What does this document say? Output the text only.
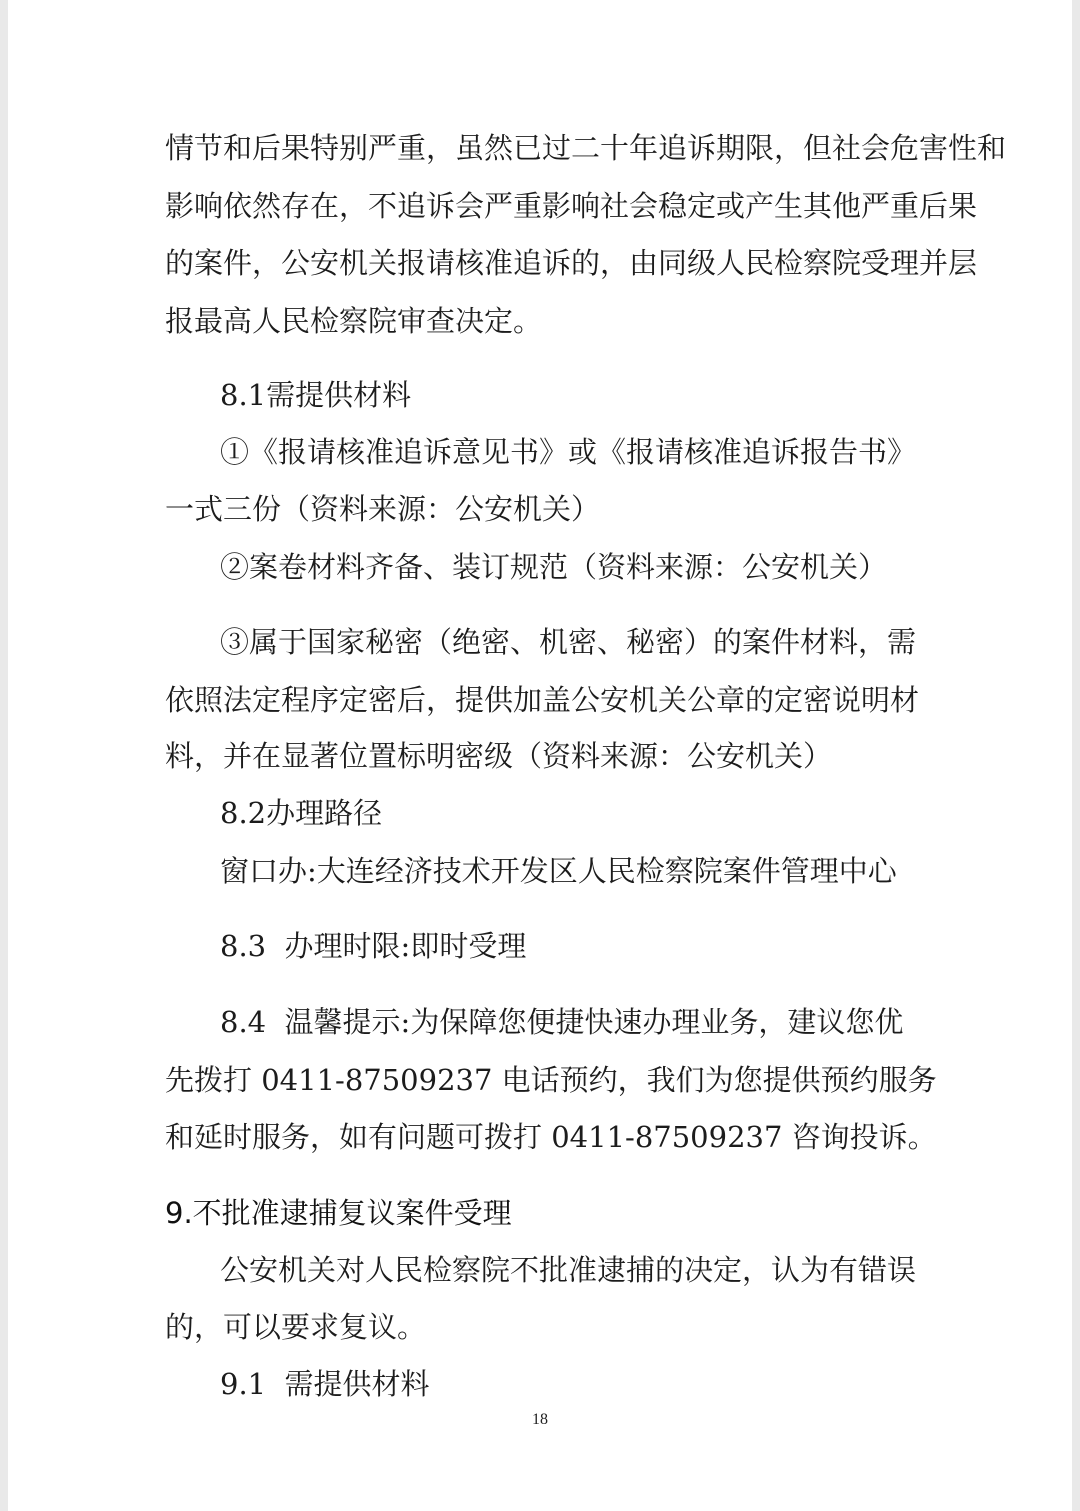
情节和后果特别严重，虽然已过二十年追诉期限，但社会危害性和
影响依然存在，不追诉会严重影响社会稳定或产生其他严重后果
的案件，公安机关报请核准追诉的，由同级人民检察院受理并层
报最高人民检察院审查决定。
8.1需提供材料
①《报请核准追诉意见书》或《报请核准追诉报告书》
一式三份（资料来源：公安机关）
②案卷材料齐备、装订规范（资料来源：公安机关）
③属于国家秘密（绝密、机密、秘密）的案件材料，需
依照法定程序定密后，提供加盖公安机关公章的定密说明材
料，并在显著位置标明密级（资料来源：公安机关）
8.2办理路径
窗口办:大连经济技术开发区人民检察院案件管理中心
8.3  办理时限:即时受理
8.4  温馨提示:为保障您便捷快速办理业务，建议您优
先拨打 0411-87509237 电话预约，我们为您提供预约服务
和延时服务，如有问题可拨打 0411-87509237 咨询投诉。
9.不批准逮捕复议案件受理
公安机关对人民检察院不批准逮捕的决定，认为有错误
的，可以要求复议。
9.1  需提供材料
18
